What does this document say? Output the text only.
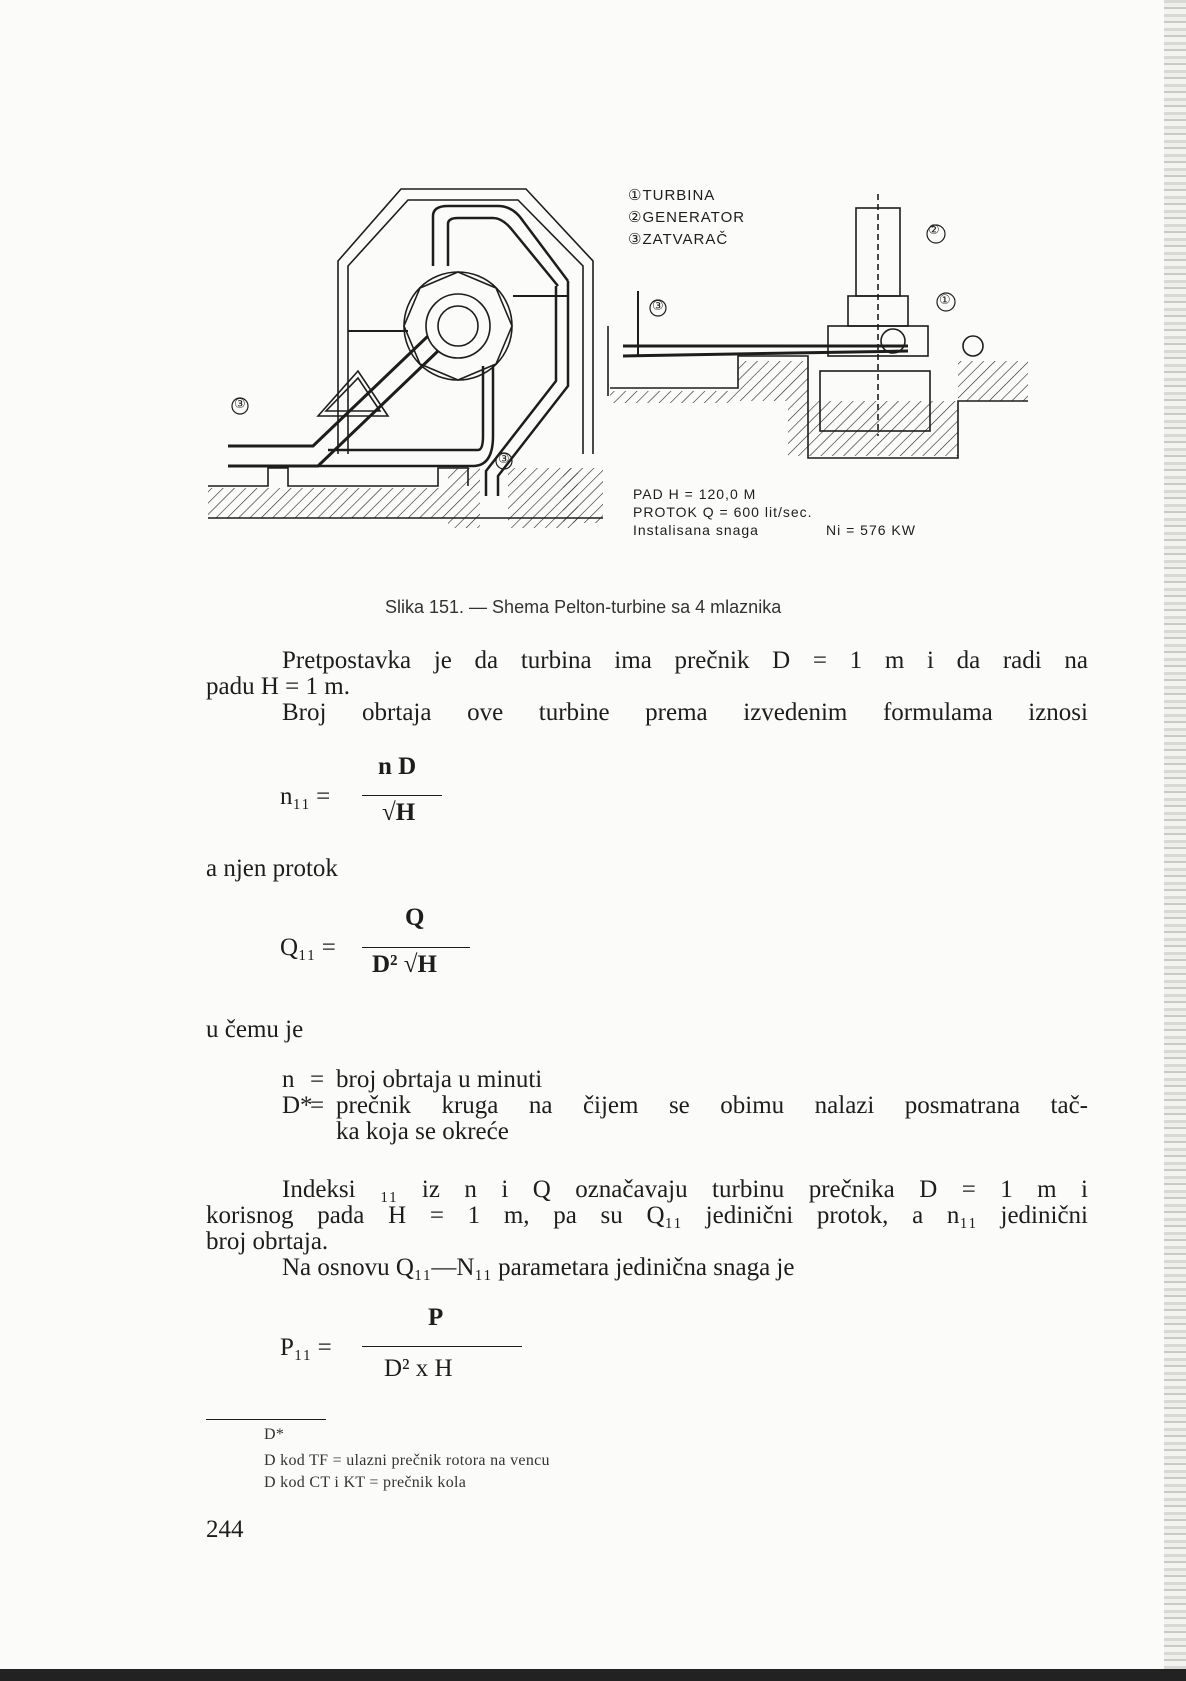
①TURBINA
②GENERATOR
③ZATVARAČ
②
①
③
③
③
PAD H = 120,0 M
PROTOK Q = 600 lit/sec.
Instalisana snaga	Ni = 576 KW
Slika 151. — Shema Pelton-turbine sa 4 mlaznika
Pretpostavka je da turbina ima prečnik D = 1 m i da radi na
padu H = 1 m.
Broj obrtaja ove turbine prema izvedenim formulama iznosi
n₁₁ =
n D
√H
a njen protok
Q₁₁ =
Q
D² √H
u čemu je
n = broj obrtaja u minuti
D*
= prečnik kruga na čijem se obimu nalazi posmatrana tač-
ka koja se okreće
Indeksi ₁₁ iz n i Q označavaju turbinu prečnika D = 1 m i
korisnog pada H = 1 m, pa su Q₁₁ jedinični protok, a n₁₁ jedinični
broj obrtaja.
Na osnovu Q₁₁—N₁₁ parametara jedinična snaga je
P₁₁ =
P
D² x H
D*
D kod TF = ulazni prečnik rotora na vencu
D kod CT i KT = prečnik kola
244
